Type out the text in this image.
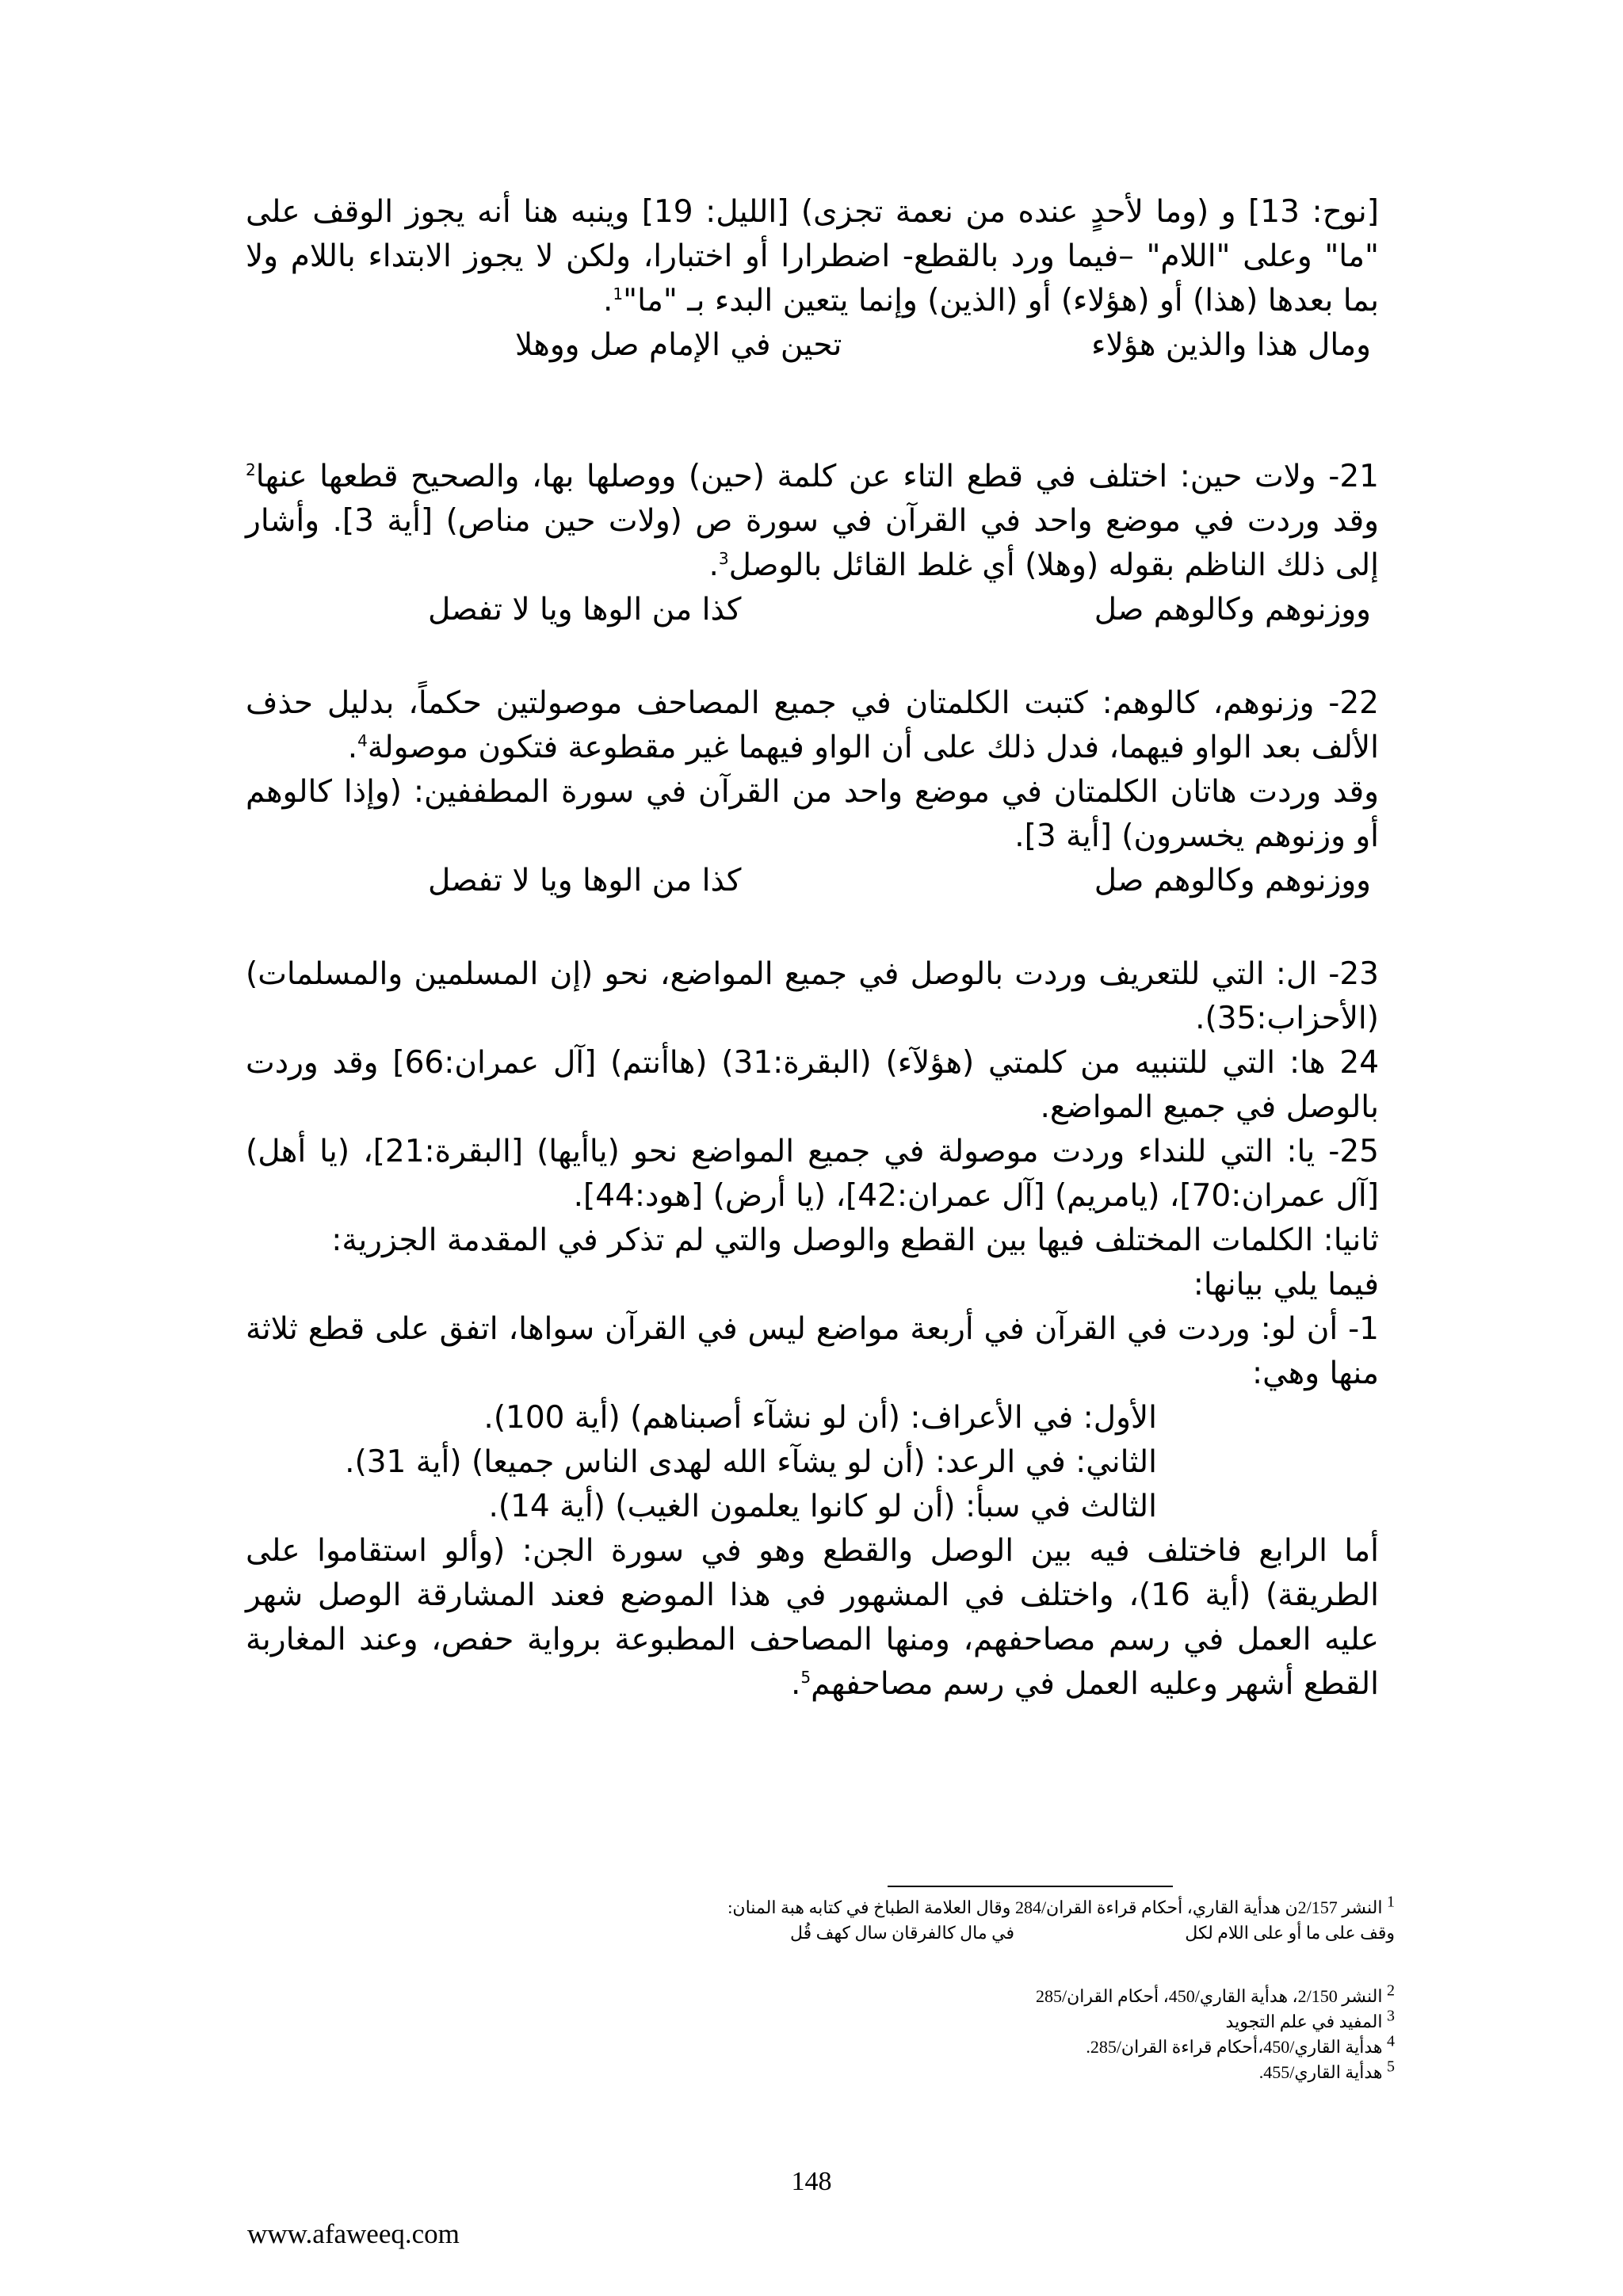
[نوح: 13] و (وما لأحدٍ عنده من نعمة تجزى) [الليل: 19] وينبه هنا أنه يجوز الوقف على "ما" وعلى "اللام" –فيما ورد بالقطع- اضطرارا أو اختبارا، ولكن لا يجوز الابتداء باللام ولا بما بعدها (هذا) أو (هؤلاء) أو (الذين) وإنما يتعين البدء بـ "ما"$^1$.

ومال هذا والذين هؤلاء
تحين في الإمام صل ووهلا

21- ولات حين: اختلف في قطع التاء عن كلمة (حين) ووصلها بها، والصحيح قطعها عنها$^2$ وقد وردت في موضع واحد في القرآن في سورة ص (ولات حين مناص) [أية 3]. وأشار إلى ذلك الناظم بقوله (وهلا) أي غلط القائل بالوصل$^3$.

ووزنوهم وكالوهم صل
كذا من الوها ويا لا تفصل

22- وزنوهم، كالوهم: كتبت الكلمتان في جميع المصاحف موصولتين حكماً، بدليل حذف الألف بعد الواو فيهما، فدل ذلك على أن الواو فيهما غير مقطوعة فتكون موصولة$^4$.

وقد وردت هاتان الكلمتان في موضع واحد من القرآن في سورة المطففين: (وإذا كالوهم أو وزنوهم يخسرون) [أية 3].

ووزنوهم وكالوهم صل
كذا من الوها ويا لا تفصل

23- ال: التي للتعريف وردت بالوصل في جميع المواضع، نحو (إن المسلمين والمسلمات) (الأحزاب:35).

24 ها: التي للتنبيه من كلمتي (هؤلآء) (البقرة:31) (هاأنتم) [آل عمران:66] وقد وردت بالوصل في جميع المواضع.

25- يا: التي للنداء وردت موصولة في جميع المواضع نحو (ياأيها) [البقرة:21]، (يا أهل) [آل عمران:70]، (يامريم) [آل عمران:42]، (يا أرض) [هود:44].

ثانيا: الكلمات المختلف فيها بين القطع والوصل والتي لم تذكر في المقدمة الجزرية:

فيما يلي بيانها:

1- أن لو: وردت في القرآن في أربعة مواضع ليس في القرآن سواها، اتفق على قطع ثلاثة منها وهي:

الأول: في الأعراف: (أن لو نشآء أصبناهم) (أية 100).

الثاني: في الرعد: (أن لو يشآء الله لهدى الناس جميعا) (أية 31).

الثالث في سبأ: (أن لو كانوا يعلمون الغيب) (أية 14).

أما الرابع فاختلف فيه بين الوصل والقطع وهو في سورة الجن: (وألو استقاموا على الطريقة) (أية 16)، واختلف في المشهور في هذا الموضع فعند المشارقة الوصل شهر عليه العمل في رسم مصاحفهم، ومنها المصاحف المطبوعة برواية حفص، وعند المغاربة القطع أشهر وعليه العمل في رسم مصاحفهم$^5$.

$^1$ النشر 2/157ن هدأية القاري، أحكام قراءة القران/284 وقال العلامة الطباخ في كتابه هبة المنان:

وقف على ما أو على اللام لكل
في مال كالفرقان سال كهف قُل

$^2$ النشر 2/150، هدأية القاري/450، أحكام القران/285

$^3$ المفيد في علم التجويد

$^4$ هدأية القاري/450،أحكام قراءة القران/285.

$^5$ هدأية القاري/455.

148
www.afaweeq.com
